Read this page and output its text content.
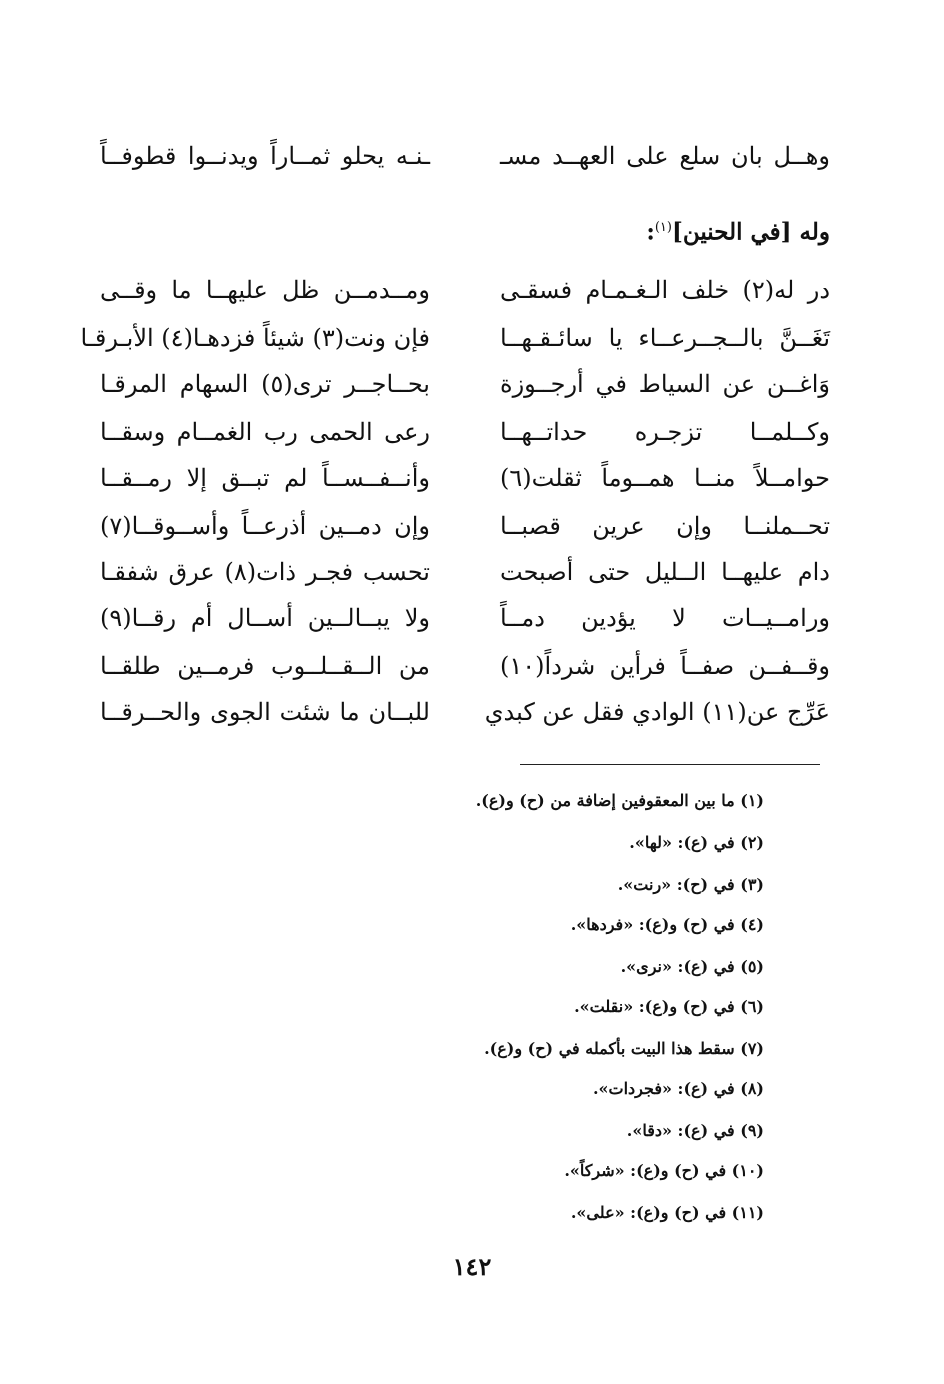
وهــل بان سلع على العهــد مسـ
ـنـه يحلو ثمــاراً ويدنــوا قطوفــاً
وله [في الحنين]$^{(١)}$:
در له(٢) خلف الـغـمـام فسقـى
ومــدمــن ظل عليهــا ما وقــى
تَغَــنَّ بالــجــرعــاء يا سائـقـهــا
فإن ونت(٣) شيئاً فزدهـا(٤) الأبـرقـا
وَاغــن عن السياط في أرجــوزة
بحــاجــر ترى(٥) السهام المرقـا
وكــلمــا تزجـره حداتــهــا
رعى الحمى رب الغمــام وسقــا
حوامــلاً منــا همــوماً ثقلت(٦)
وأنــفــســاً لم تبــق إلا رمــقــا
تحــملنــا وإن عرين قصبــا
وإن دمــين أذرعــاً وأســوقــا(٧)
دام عليهــا الــليل حتى أصبحت
تحسب فجـر ذات(٨) عرق شفقـا
ورامــيــات لا يؤدين دمــاً
ولا يبــالــين أســال أم رقــا(٩)
وقــفــن صفــاً فرأين شرداً(١٠)
من الــقــلــوب فرمــين طلقــا
عَرِّج عن(١١) الوادي فقل عن كبدي
للبــان ما شئت الجوى والحــرقــا
(١) ما بين المعقوفين إضافة من (ح) و(ع).
(٢) في (ع): «لها».
(٣) في (ح): «رنت».
(٤) في (ح) و(ع): «فردها».
(٥) في (ع): «نرى».
(٦) في (ح) و(ع): «نقلت».
(٧) سقط هذا البيت بأكمله في (ح) و(ع).
(٨) في (ع): «فجردات».
(٩) في (ع): «دقا».
(١٠) في (ح) و(ع): «شركاً».
(١١) في (ح) و(ع): «على».
١٤٢
